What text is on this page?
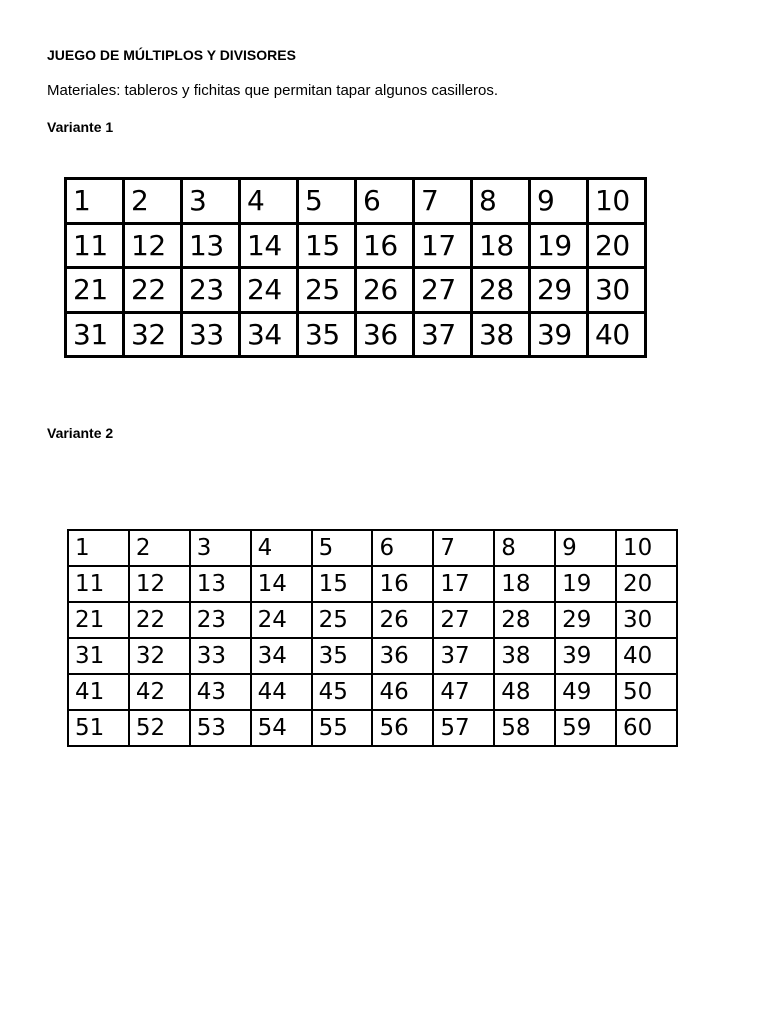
JUEGO DE MÚLTIPLOS Y DIVISORES
Materiales: tableros y fichitas que permitan tapar algunos casilleros.
Variante 1
1	2	3	4	5	6	7	8	9	10
11	12	13	14	15	16	17	18	19	20
21	22	23	24	25	26	27	28	29	30
31	32	33	34	35	36	37	38	39	40
Variante 2
1	2	3	4	5	6	7	8	9	10
11	12	13	14	15	16	17	18	19	20
21	22	23	24	25	26	27	28	29	30
31	32	33	34	35	36	37	38	39	40
41	42	43	44	45	46	47	48	49	50
51	52	53	54	55	56	57	58	59	60
